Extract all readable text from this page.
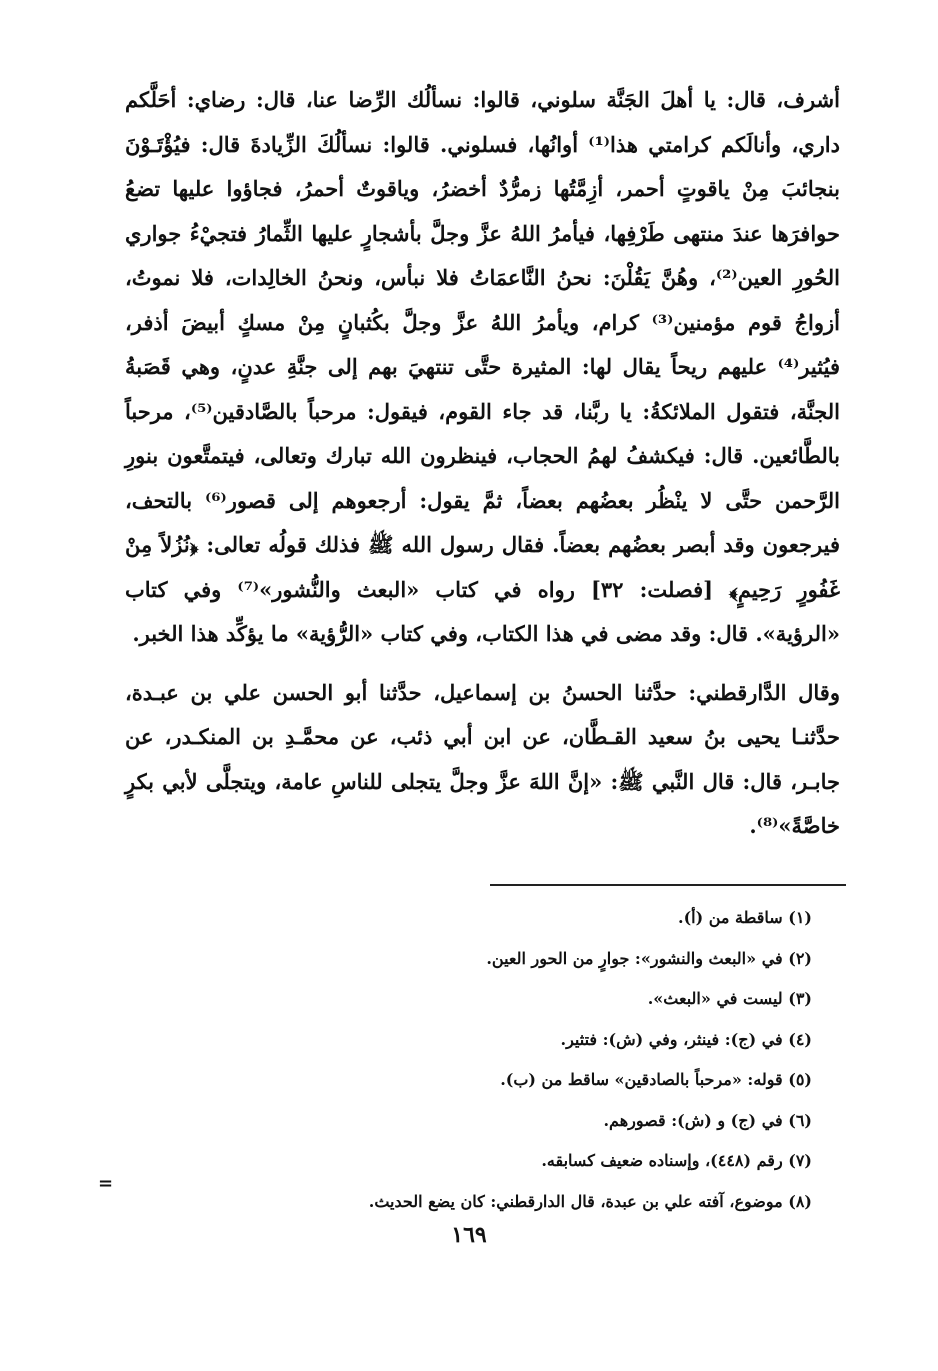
أشرف، قال: يا أهلَ الجَنَّة سلوني، قالوا: نسألُك الرِّضا عنا، قال: رضاي: أحَلَّكم داري، وأنالَكم كرامتي هذا⁽¹⁾ أوانُها، فسلوني. قالوا: نسألُكَ الزِّيادةَ قال: فيُؤْتَـوْنَ بنجائبَ مِنْ ياقوتٍ أحمر، أزِمَّتُها زمرُّدٌ أخضرُ، وياقوتٌ أحمرُ، فجاؤوا عليها تضعُ حوافرَها عندَ منتهى طَرْفِها، فيأمرُ اللهُ عزَّ وجلَّ بأشجارٍ عليها الثِّمارُ فتجيْءُ جواري الحُورِ العين⁽²⁾، وهُنَّ يَقُلْنَ: نحنُ النَّاعمَاتُ فلا نبأس، ونحنُ الخالِدات، فلا نموتُ، أزواجُ قوم مؤمنين⁽³⁾ كرام، ويأمرُ اللهُ عزَّ وجلَّ بكُثبانٍ مِنْ مسكٍ أبيضَ أذفر، فيُثير⁽⁴⁾ عليهم ريحاً يقال لها: المثيرة حتَّى تنتهيَ بهم إلى جنَّةِ عدنٍ، وهي قَصَبةُ الجنَّة، فتقول الملائكةُ: يا ربَّنا، قد جاء القوم، فيقول: مرحباً بالصَّادقين⁽⁵⁾، مرحباً بالطَّائعين. قال: فيكشفُ لهمُ الحجاب، فينظرون الله تبارك وتعالى، فيتمتَّعون بنورِ الرَّحمن حتَّى لا ينْظُر بعضُهم بعضاً، ثمَّ يقول: أرجعوهم إلى قصور⁽⁶⁾ بالتحف، فيرجعون وقد أبصر بعضُهم بعضاً. فقال رسول الله ﷺ فذلك قولُه تعالى: ﴿نُزُلاً مِنْ غَفُورٍ رَحِيمٍ﴾ [فصلت: ٣٢] رواه في كتاب «البعث والنُّشور»⁽⁷⁾ وفي كتاب «الرؤية». قال: وقد مضى في هذا الكتاب، وفي كتاب «الرُّؤية» ما يؤكِّد هذا الخبر.

وقال الدَّارقطني: حدَّثنا الحسنُ بن إسماعيل، حدَّثنا أبو الحسن علي بن عبـدة، حدَّثنـا يحيى بنُ سعيد القـطَّان، عن ابن أبي ذئب، عن محمَّـدِ بن المنكـدر، عن جابـر، قال: قال النَّبي ﷺ: «إنَّ اللهَ عزَّ وجلَّ يتجلى للناسِ عامة، ويتجلَّى لأبي بكرٍ خاصَّةً»⁽⁸⁾.

(١) ساقطة من (أ).

(٢) في «البعث والنشور»: جوارٍ من الحور العين.

(٣) ليست في «البعث».

(٤) في (ج): فينثر، وفي (ش): فتثير.

(٥) قوله: «مرحباً بالصادقين» ساقط من (ب).

(٦) في (ج) و (ش): قصورهم.

(٧) رقم (٤٤٨)، وإسناده ضعيف كسابقه.

(٨) موضوع، آفته علي بن عبدة، قال الدارقطني: كان يضع الحديث.

=
١٦٩
